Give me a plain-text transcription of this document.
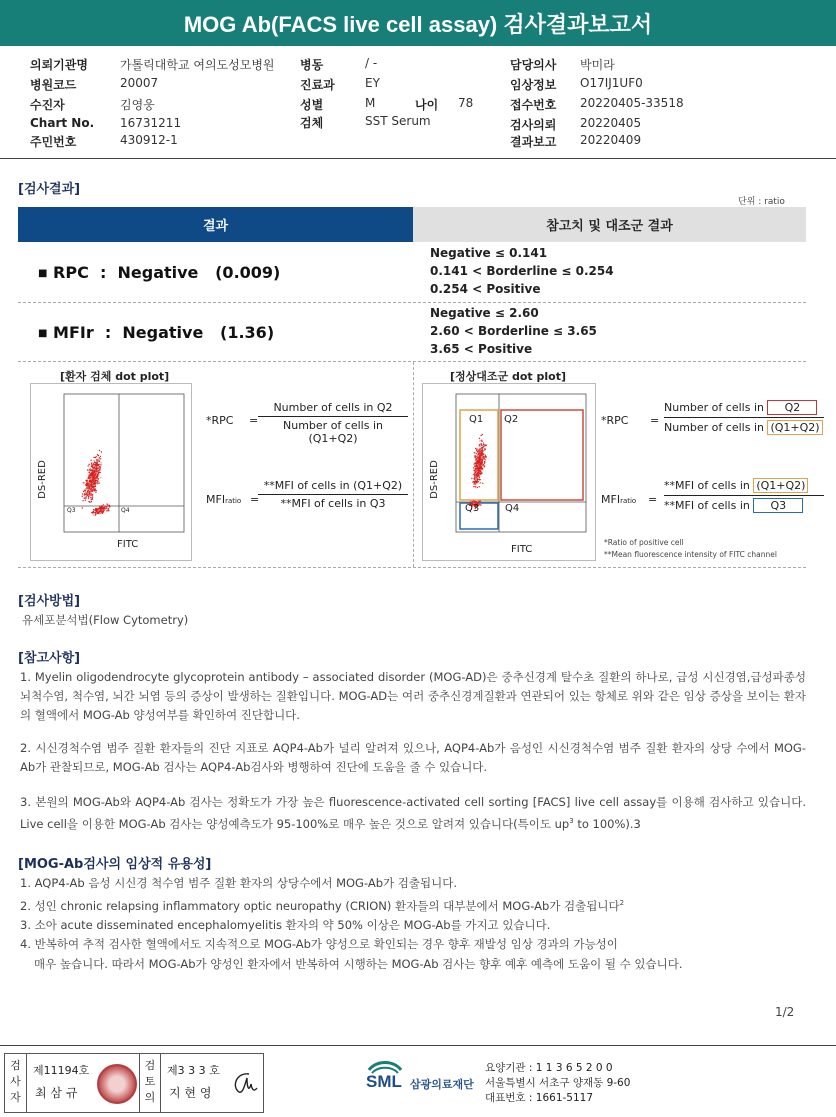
MOG Ab(FACS live cell assay) 검사결과보고서
의뢰기관명	가톨릭대학교 여의도성모병원
병원코드	20007
수진자	김영웅
Chart No. 16731211
주민번호	430912-1
병동	/ -
진료과	EY
성별	M	나이 78
검체	SST Serum
담당의사 박미라
임상정보 O17IJ1UF0
접수번호 20220405-33518
검사의뢰 20220405
결과보고 20220409
[검사결과]
단위 : ratio
결과	참고치 및 대조군 결과
■ RPC  :  Negative   (0.009)
Negative ≤ 0.141
0.141 < Borderline ≤ 0.254
0.254 < Positive
■ MFIr  :  Negative   (1.36)
Negative ≤ 2.60
2.60 < Borderline ≤ 3.65
3.65 < Positive
[환자 검체 dot plot]	[정상대조군 dot plot]
DS-RED
FITC
Q3	Q4
*RPC =
Number of cells in Q2
Number of cells in (Q1+Q2)
MFIratio =
**MFI of cells in (Q1+Q2)
**MFI of cells in Q3
DS-RED
FITC
Q1 Q2
Q3	Q4
*RPC =
Number of cells in Q2
Number of cells in (Q1+Q2)
MFIratio =
**MFI of cells in (Q1+Q2)
**MFI of cells in Q3
*Ratio of positive cell
**Mean fluorescence intensity of FITC channel
[검사방법]
유세포분석법(Flow Cytometry)
[참고사항]
1. Myelin oligodendrocyte glycoprotein antibody – associated disorder (MOG-AD)은 중추신경계 탈수초 질환의 하나로, 급성 시신경염,급성파종성 뇌척수염, 척수염, 뇌간 뇌염 등의 증상이 발생하는 질환입니다. MOG-AD는 여러 중추신경계질환과 연관되어 있는 항체로 위와 같은 임상 증상을 보이는 환자의 혈액에서 MOG-Ab 양성여부를 확인하여 진단합니다.
2. 시신경척수염 범주 질환 환자들의 진단 지표로 AQP4-Ab가 널리 알려져 있으나, AQP4-Ab가 음성인 시신경척수염 범주 질환 환자의 상당 수에서 MOG-Ab가 관찰되므로, MOG-Ab 검사는 AQP4-Ab검사와 병행하여 진단에 도움을 줄 수 있습니다.
3. 본원의 MOG-Ab와 AQP4-Ab 검사는 정확도가 가장 높은 fluorescence-activated cell sorting [FACS] live cell assay를 이용해 검사하고 있습니다. Live cell을 이용한 MOG-Ab 검사는 양성예측도가 95-100%로 매우 높은 것으로 알려져 있습니다(특이도 $up^3$ to 100%).3
[MOG-Ab검사의 임상적 유용성]
1. AQP4-Ab 음성 시신경 척수염 범주 질환 환자의 상당수에서 MOG-Ab가 검출됩니다.
2. 성인 chronic relapsing inflammatory optic neuropathy (CRION) 환자들의 대부분에서 MOG-Ab가 검출됩니다$^2$
3. 소아 acute disseminated encephalomyelitis 환자의 약 50% 이상은 MOG-Ab를 가지고 있습니다.
4. 반복하여 추적 검사한 혈액에서도 지속적으로 MOG-Ab가 양성으로 확인되는 경우 향후 재발성 임상 경과의 가능성이
매우 높습니다. 따라서 MOG-Ab가 양성인 환자에서 반복하여 시행하는 MOG-Ab 검사는 향후 예후 예측에 도움이 될 수 있습니다.
1/2
검
사
자
제11194호
최 삼 규
검
토
의
제3 3 3 호
지 현 영
SML 삼광의료재단
요양기관 : 1 1 3 6 5 2 0 0
서울특별시 서초구 양재동 9-60
대표번호 : 1661-5117
